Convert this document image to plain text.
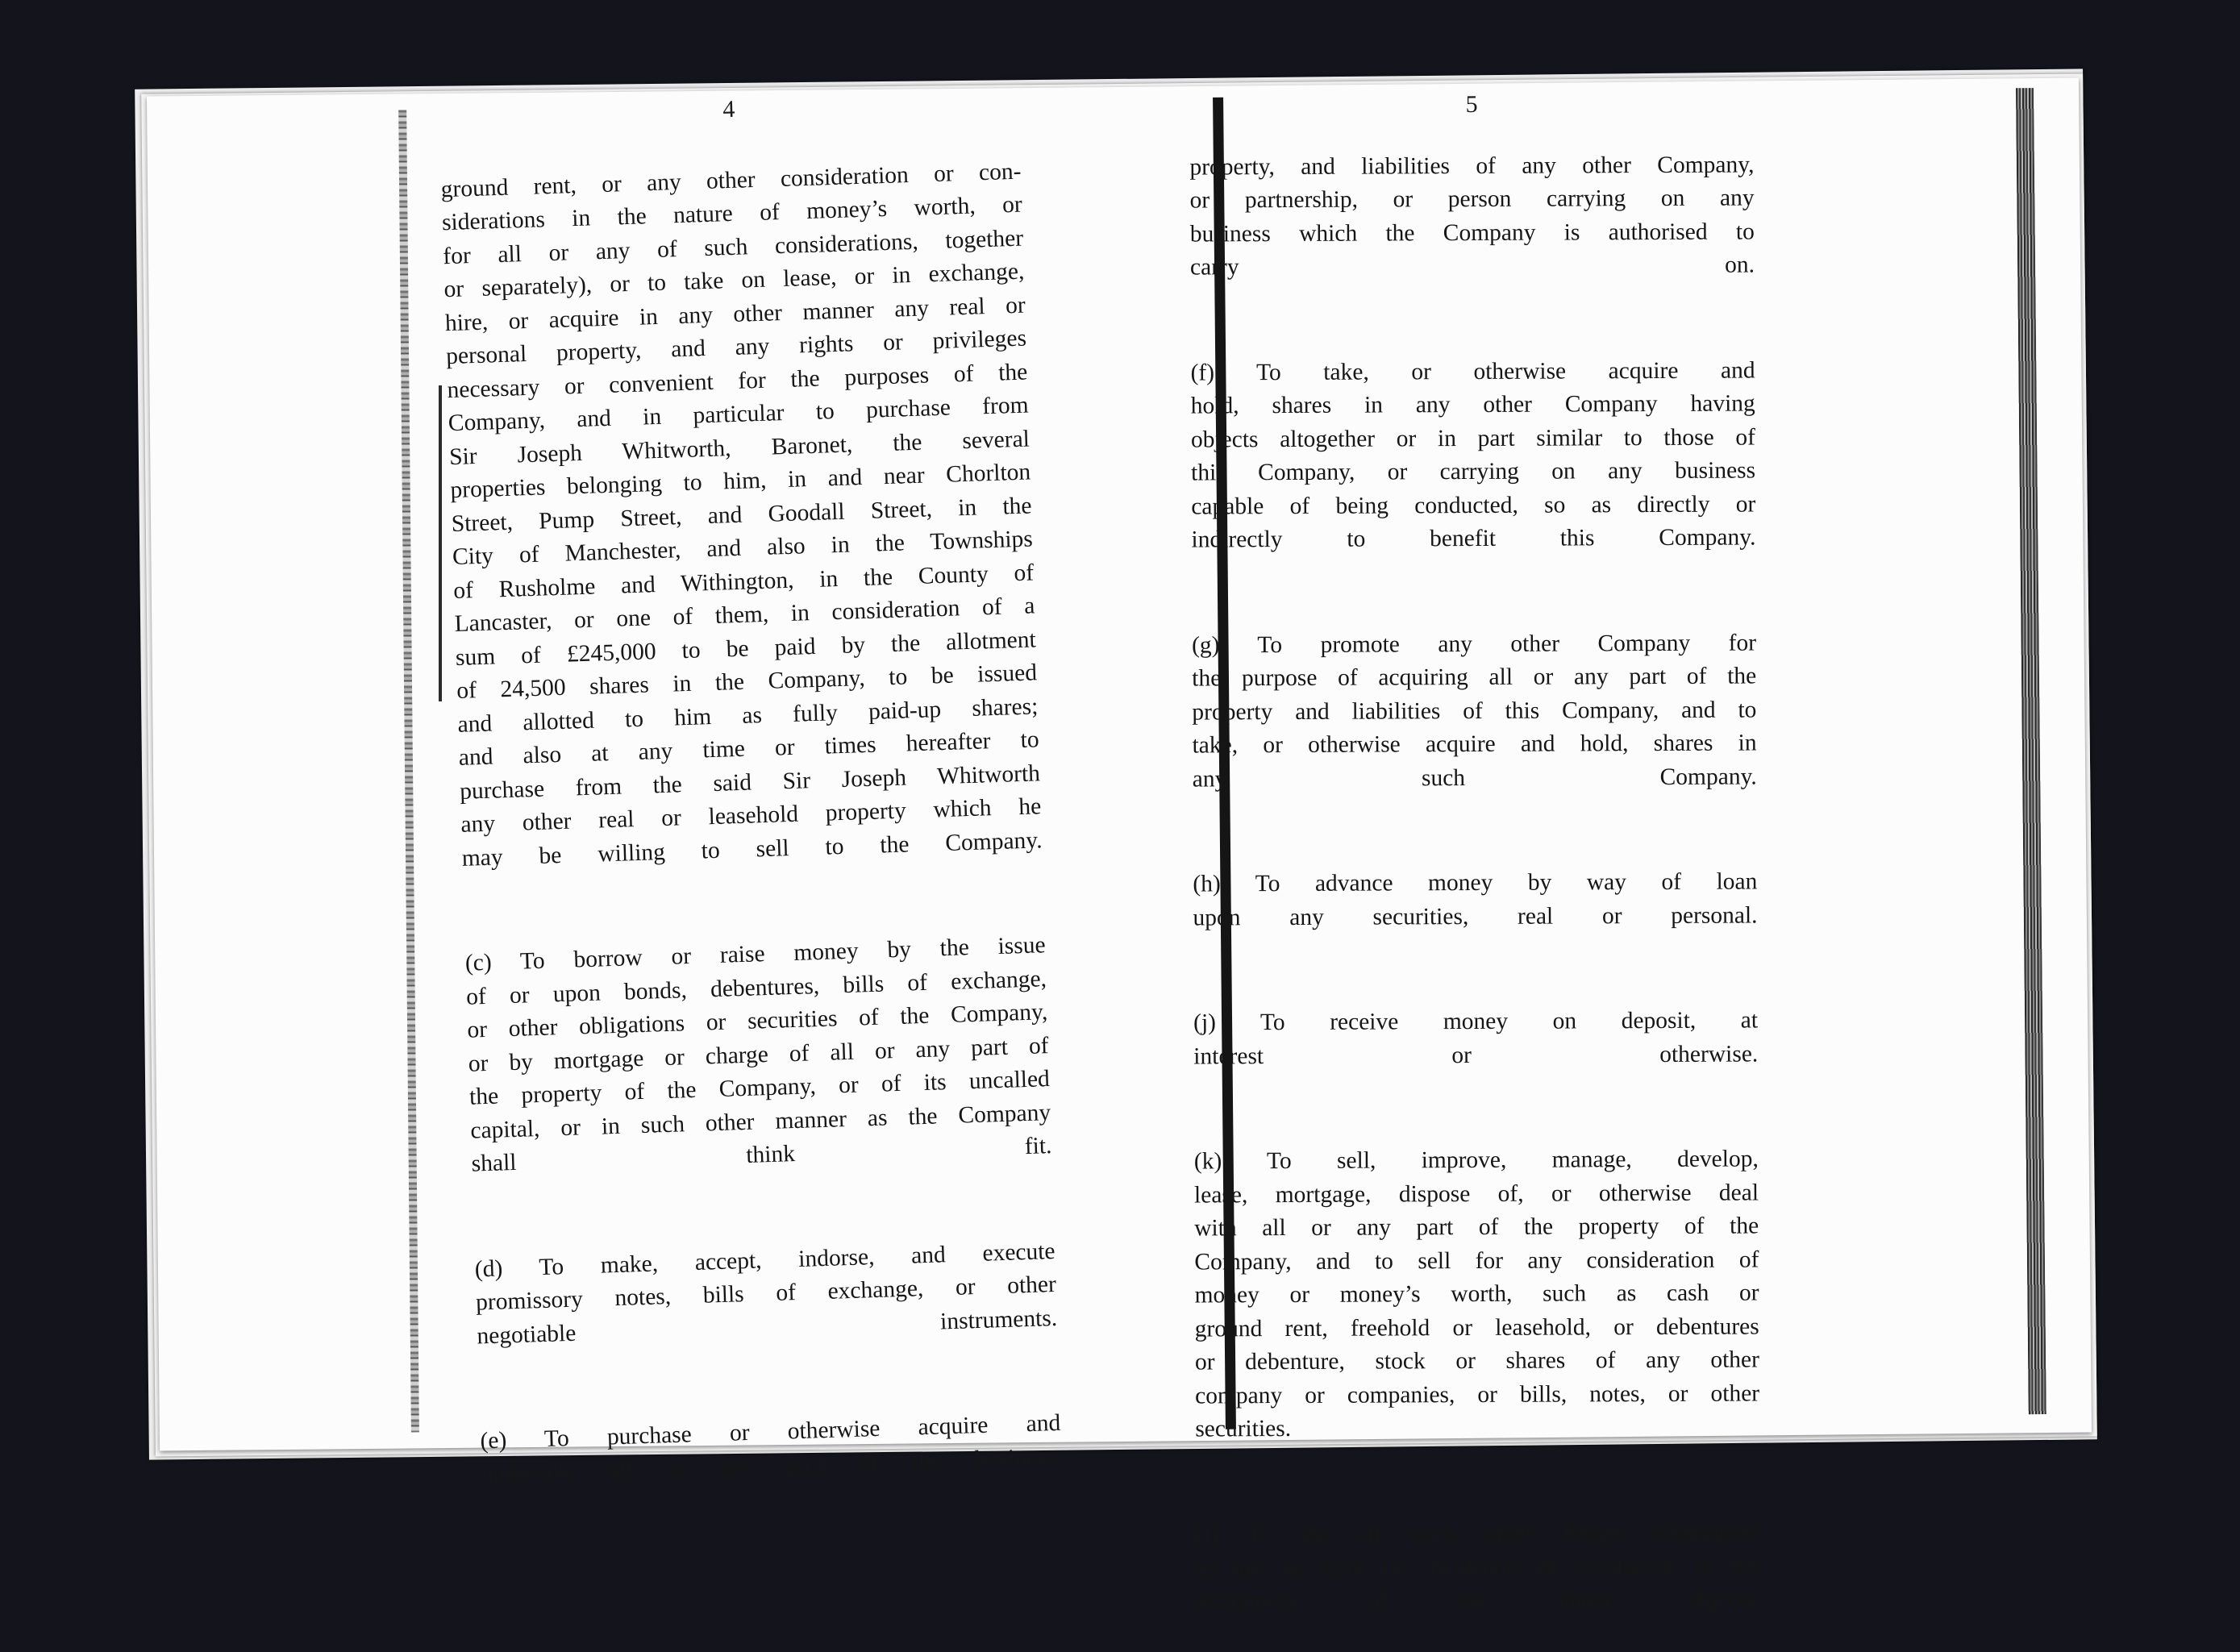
4

ground rent, or any other consideration or con-
siderations in the nature of money’s worth, or
for all or any of such considerations, together
or separately), or to take on lease, or in exchange,
hire, or acquire in any other manner any real or
personal property, and any rights or privileges
necessary or convenient for the purposes of the
Company, and in particular to purchase from
Sir Joseph Whitworth, Baronet, the several
properties belonging to him, in and near Chorlton
Street, Pump Street, and Goodall Street, in the
City of Manchester, and also in the Townships
of Rusholme and Withington, in the County of
Lancaster, or one of them, in consideration of a
sum of £245,000 to be paid by the allotment
of 24,500 shares in the Company, to be issued
and allotted to him as fully paid-up shares;
and also at any time or times hereafter to
purchase from the said Sir Joseph Whitworth
any other real or leasehold property which he

may be willing to sell to the Company.

(c) To borrow or raise money by the issue
of or upon bonds, debentures, bills of exchange,
or other obligations or securities of the Company,
or by mortgage or charge of all or any part of
the property of the Company, or of its uncalled
capital, or in such other manner as the Company

shall think fit.

(d) To make, accept, indorse, and execute
promissory notes, bills of exchange, or other

negotiable instruments.

(e) To purchase or otherwise acquire and
undertake all or any part of the business,

5

property, and liabilities of any other Company,
or partnership, or person carrying on any
business which the Company is authorised to

carry on.

(f) To take, or otherwise acquire and
hold, shares in any other Company having
objects altogether or in part similar to those of
this Company, or carrying on any business
capable of being conducted, so as directly or

indirectly to benefit this Company.

(g) To promote any other Company for
the purpose of acquiring all or any part of the
property and liabilities of this Company, and to
take, or otherwise acquire and hold, shares in

any such Company.

(h) To advance money by way of loan

upon any securities, real or personal.

(j) To receive money on deposit, at

interest or otherwise.

(k) To sell, improve, manage, develop,
lease, mortgage, dispose of, or otherwise deal
with all or any part of the property of the
Company, and to sell for any consideration of
money or money’s worth, such as cash or
ground rent, freehold or leasehold, or debentures
or debenture, stock or shares of any other
company or companies, or bills, notes, or other

securities.

(l) To do all such other things whatsoever
as are or may be incidental or conducive to the

attainment of the above objects.
